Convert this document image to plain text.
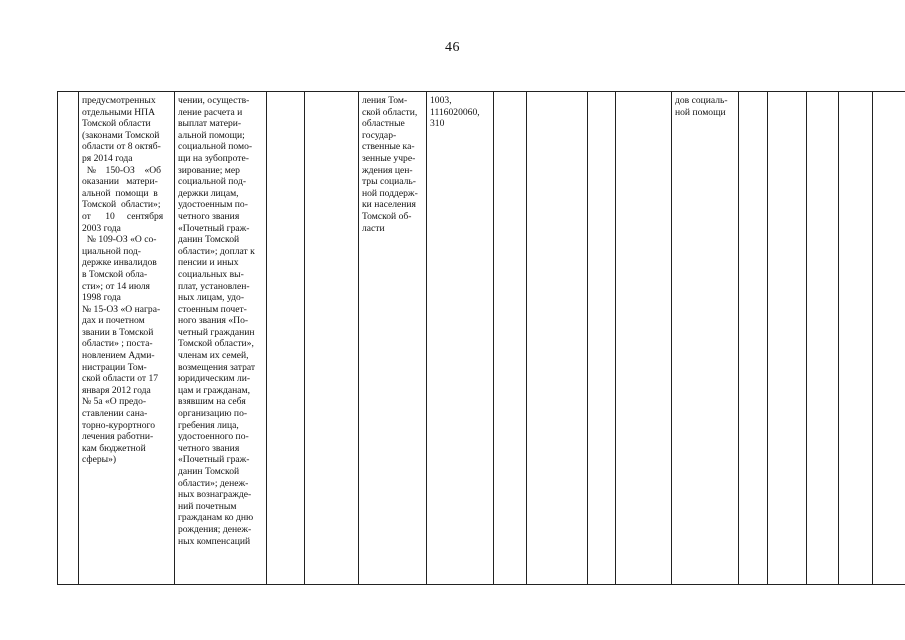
46
предусмотренных
отдельными НПА
Томской области
(законами Томской
области от 8 октяб-
ря 2014 года
№    150-ОЗ    «Об
оказании   матери-
альной  помощи  в
Томской  области»;
от      10     сентября
2003 года
№ 109-ОЗ «О со-
циальной под-
держке инвалидов
в Томской обла-
сти»; от 14 июля
1998 года
№ 15-ОЗ «О награ-
дах и почетном
звании в Томской
области» ; поста-
новлением Адми-
нистрации Том-
ской области от 17
января 2012 года
№ 5а «О предо-
ставлении сана-
торно-курортного
лечения работни-
кам бюджетной
сферы»)
чении, осуществ-
ление расчета и
выплат матери-
альной помощи;
социальной помо-
щи на зубопроте-
зирование; мер
социальной под-
держки лицам,
удостоенным по-
четного звания
«Почетный граж-
данин Томской
области»; доплат к
пенсии и иных
социальных вы-
плат, установлен-
ных лицам, удо-
стоенным почет-
ного звания «По-
четный гражданин
Томской области»,
членам их семей,
возмещения затрат
юридическим ли-
цам и гражданам,
взявшим на себя
организацию по-
гребения лица,
удостоенного по-
четного звания
«Почетный граж-
данин Томской
области»; денеж-
ных вознагражде-
ний почетным
гражданам ко дню
рождения; денеж-
ных компенсаций
ления Том-
ской области,
областные
государ-
ственные ка-
зенные учре-
ждения цен-
тры социаль-
ной поддерж-
ки населения
Томской об-
ласти
1003,
1116020060,
310
дов социаль-
ной помощи
